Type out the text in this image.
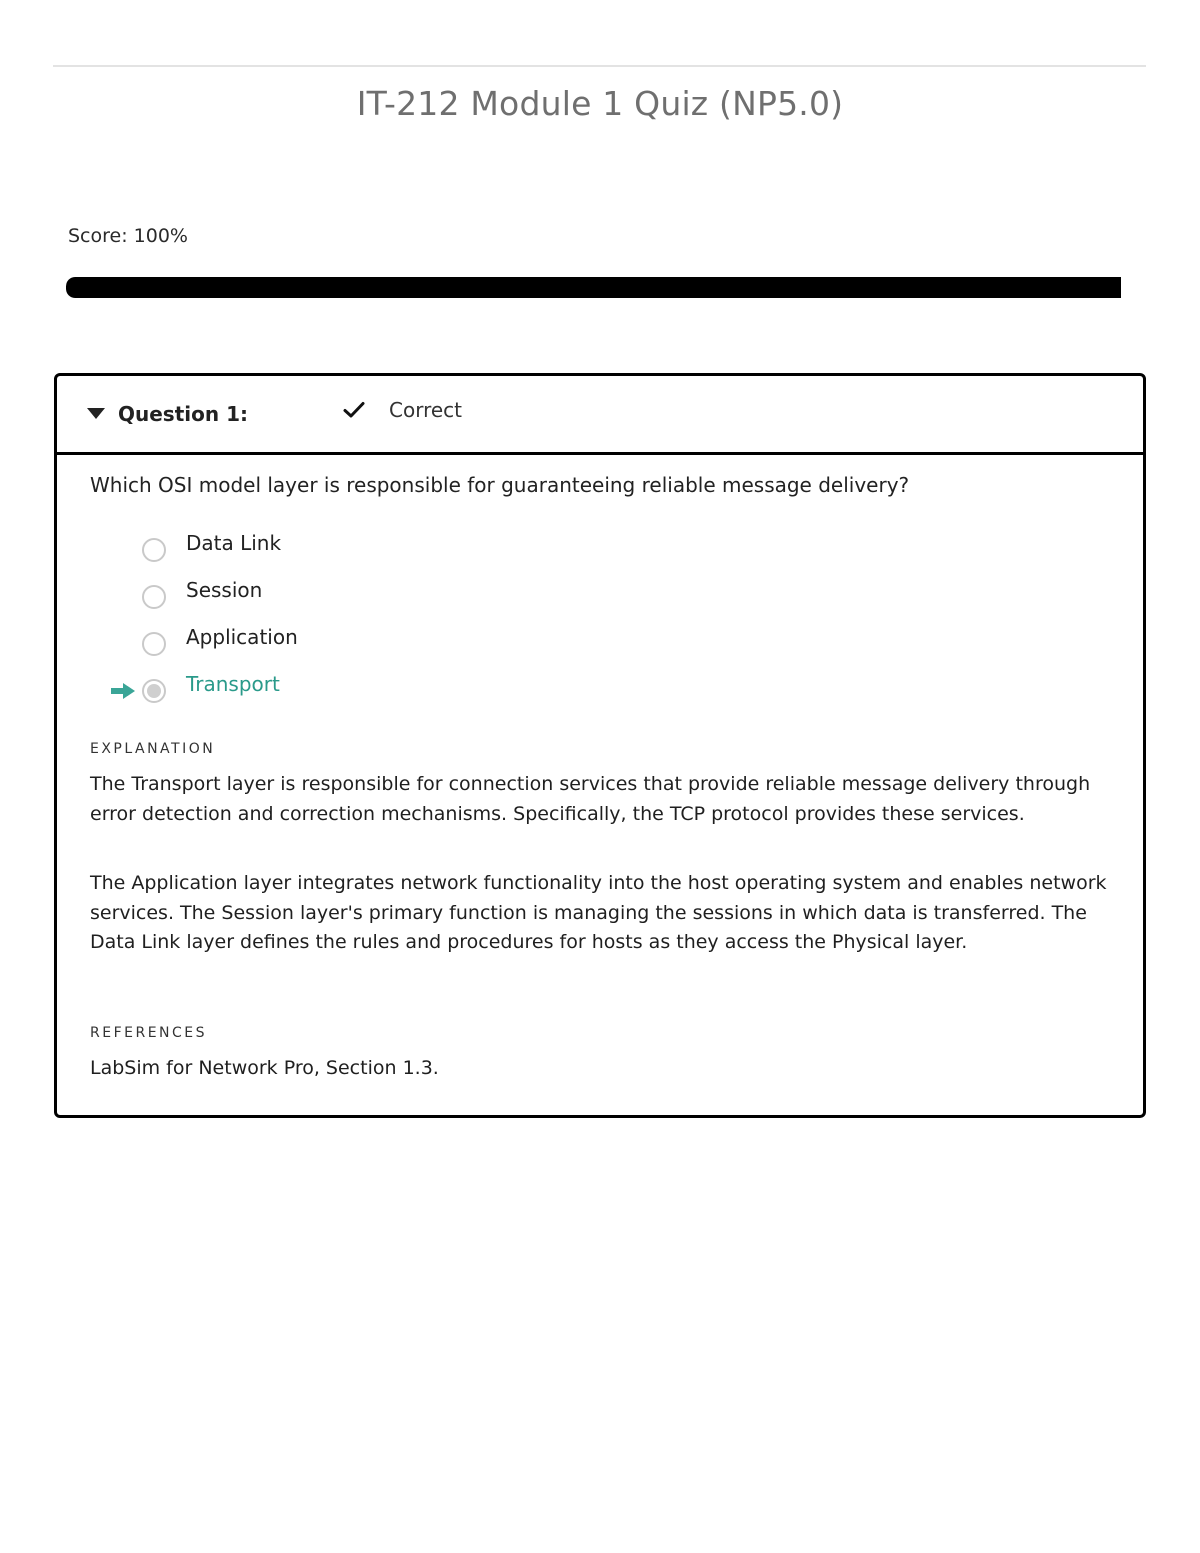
IT-212 Module 1 Quiz (NP5.0)
Score: 100%
Question 1:	Correct
Which OSI model layer is responsible for guaranteeing reliable message delivery?
Data Link
Session
Application
Transport
EXPLANATION
The Transport layer is responsible for connection services that provide reliable message delivery through error detection and correction mechanisms. Specifically, the TCP protocol provides these services.
The Application layer integrates network functionality into the host operating system and enables network services. The Session layer's primary function is managing the sessions in which data is transferred. The Data Link layer defines the rules and procedures for hosts as they access the Physical layer.
REFERENCES
LabSim for Network Pro, Section 1.3.
